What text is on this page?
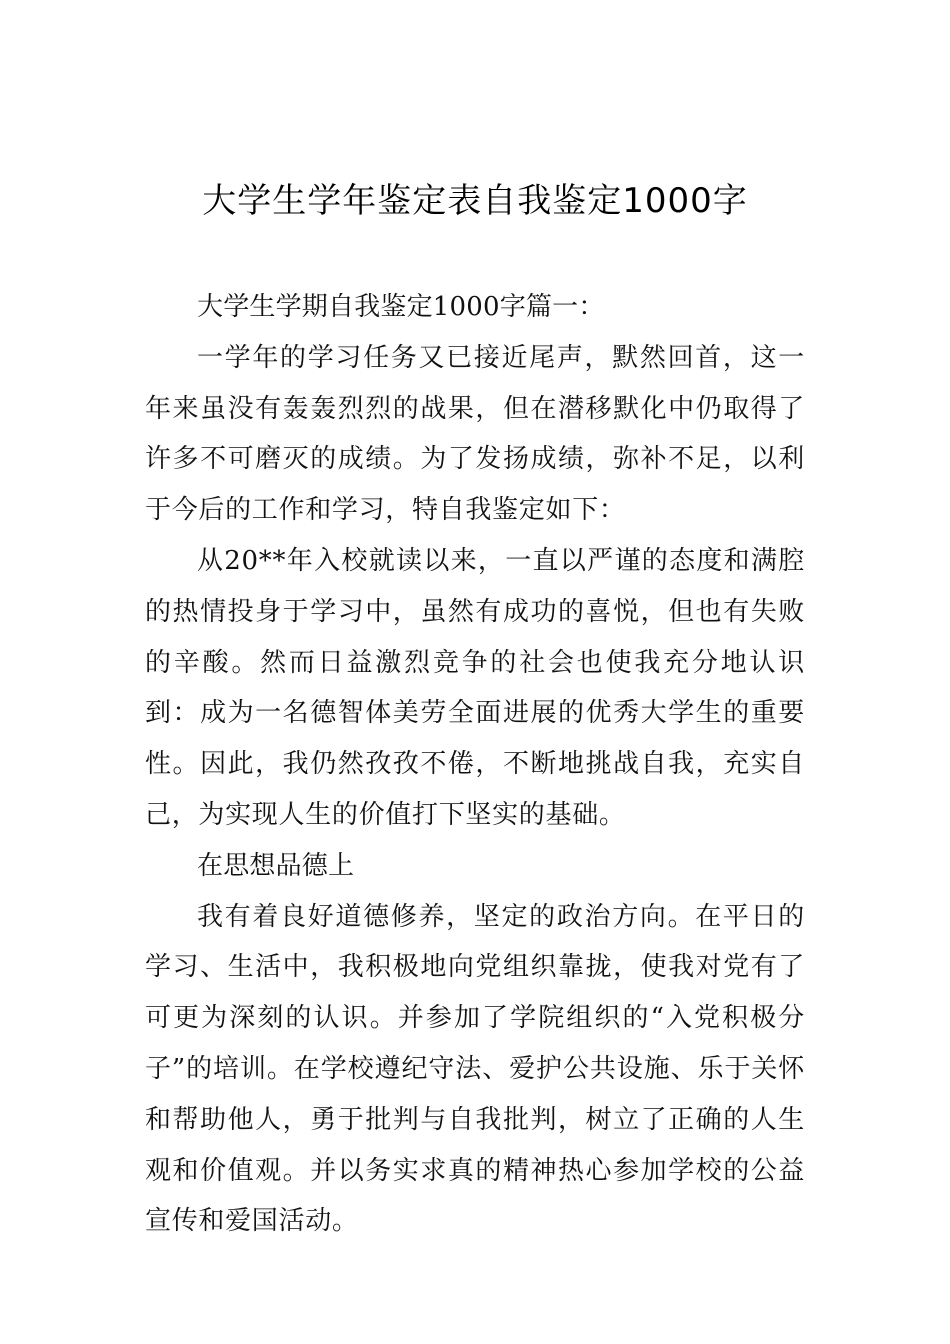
大学生学年鉴定表自我鉴定1000字

大学生学期自我鉴定1000字篇一：

一学年的学习任务又已接近尾声，默然回首，这一年来虽没有轰轰烈烈的战果，但在潜移默化中仍取得了许多不可磨灭的成绩。为了发扬成绩，弥补不足，以利于今后的工作和学习，特自我鉴定如下：

从20**年入校就读以来，一直以严谨的态度和满腔的热情投身于学习中，虽然有成功的喜悦，但也有失败的辛酸。然而日益激烈竞争的社会也使我充分地认识到：成为一名德智体美劳全面进展的优秀大学生的重要性。因此，我仍然孜孜不倦，不断地挑战自我，充实自己，为实现人生的价值打下坚实的基础。

在思想品德上

我有着良好道德修养，坚定的政治方向。在平日的学习、生活中，我积极地向党组织靠拢，使我对党有了可更为深刻的认识。并参加了学院组织的“入党积极分子”的培训。在学校遵纪守法、爱护公共设施、乐于关怀和帮助他人，勇于批判与自我批判，树立了正确的人生观和价值观。并以务实求真的精神热心参加学校的公益宣传和爱国活动。
